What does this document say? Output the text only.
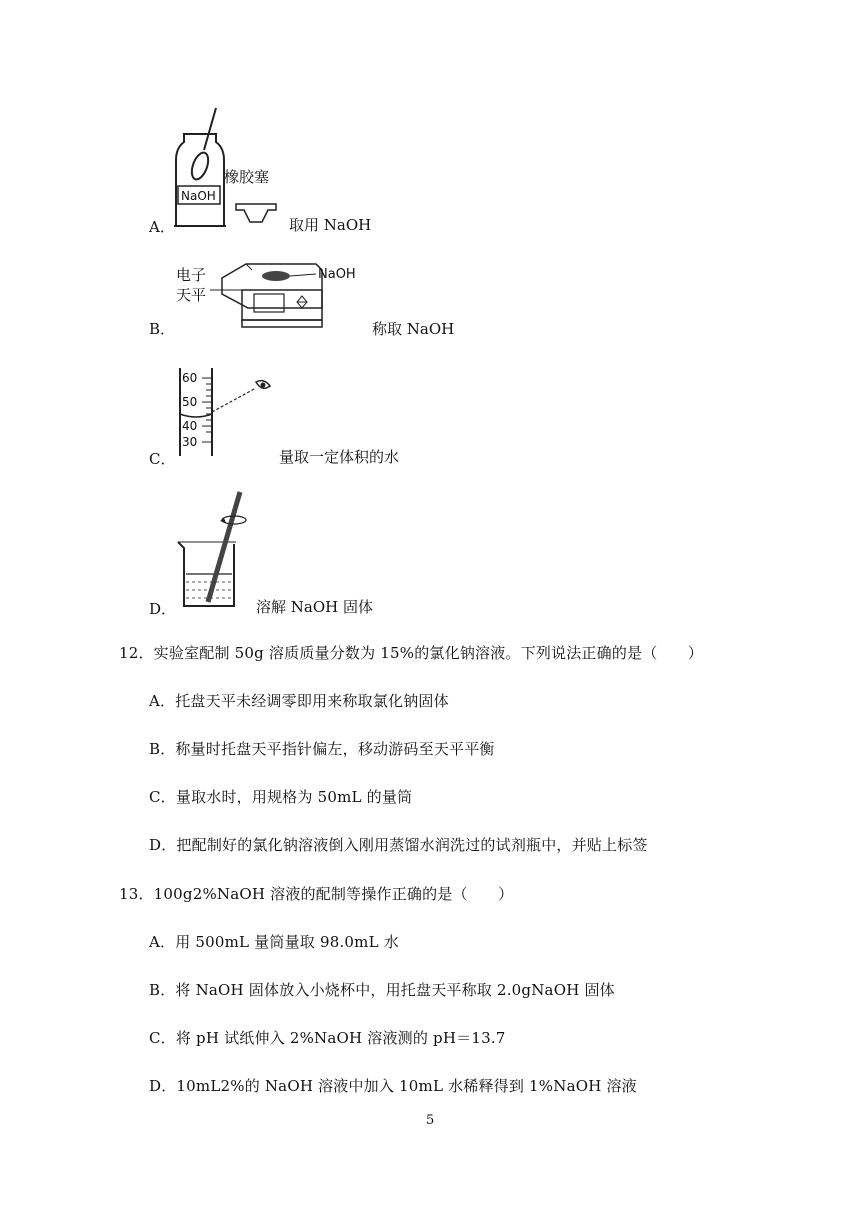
NaOH
橡胶塞
A．	取用 NaOH
电子
天平
NaOH
B．	称取 NaOH
60
50
40
30
C．	量取一定体积的水
D．	溶解 NaOH 固体
12．实验室配制 50g 溶质质量分数为 15%的氯化钠溶液。下列说法正确的是（　　）
A．托盘天平未经调零即用来称取氯化钠固体
B．称量时托盘天平指针偏左，移动游码至天平平衡
C．量取水时，用规格为 50mL 的量筒
D．把配制好的氯化钠溶液倒入刚用蒸馏水润洗过的试剂瓶中，并贴上标签
13．100g2%NaOH 溶液的配制等操作正确的是（　　）
A．用 500mL 量筒量取 98.0mL 水
B．将 NaOH 固体放入小烧杯中，用托盘天平称取 2.0gNaOH 固体
C．将 pH 试纸伸入 2%NaOH 溶液测的 pH＝13.7
D．10mL2%的 NaOH 溶液中加入 10mL 水稀释得到 1%NaOH 溶液
5
